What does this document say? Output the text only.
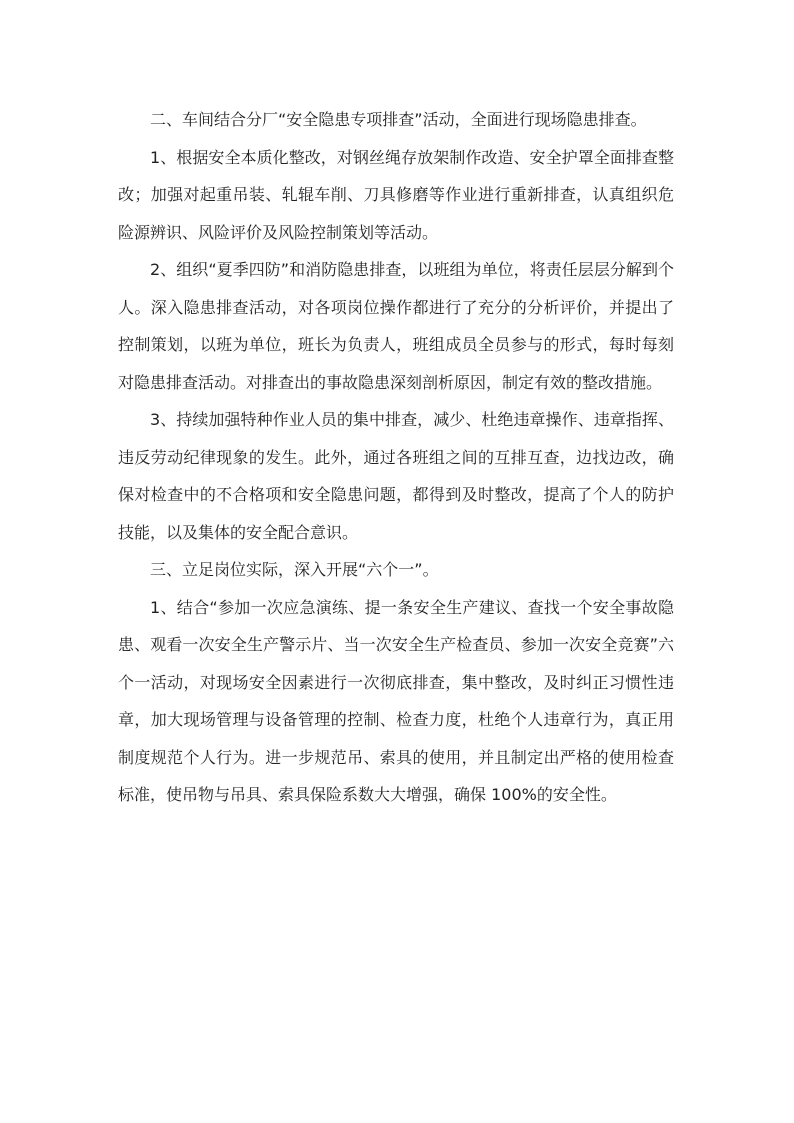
二、车间结合分厂“安全隐患专项排查”活动，全面进行现场隐患排查。

1、根据安全本质化整改，对钢丝绳存放架制作改造、安全护罩全面排查整改；加强对起重吊装、轧辊车削、刀具修磨等作业进行重新排查，认真组织危险源辨识、风险评价及风险控制策划等活动。

2、组织“夏季四防”和消防隐患排查，以班组为单位，将责任层层分解到个人。深入隐患排查活动，对各项岗位操作都进行了充分的分析评价，并提出了控制策划，以班为单位，班长为负责人，班组成员全员参与的形式，每时每刻对隐患排查活动。对排查出的事故隐患深刻剖析原因，制定有效的整改措施。

3、持续加强特种作业人员的集中排查，减少、杜绝违章操作、违章指挥、违反劳动纪律现象的发生。此外，通过各班组之间的互排互查，边找边改，确保对检查中的不合格项和安全隐患问题，都得到及时整改，提高了个人的防护技能，以及集体的安全配合意识。

三、立足岗位实际，深入开展“六个一”。

1、结合“参加一次应急演练、提一条安全生产建议、查找一个安全事故隐患、观看一次安全生产警示片、当一次安全生产检查员、参加一次安全竞赛”六个一活动，对现场安全因素进行一次彻底排查，集中整改，及时纠正习惯性违章，加大现场管理与设备管理的控制、检查力度，杜绝个人违章行为，真正用制度规范个人行为。进一步规范吊、索具的使用，并且制定出严格的使用检查标准，使吊物与吊具、索具保险系数大大增强，确保 100%的安全性。
